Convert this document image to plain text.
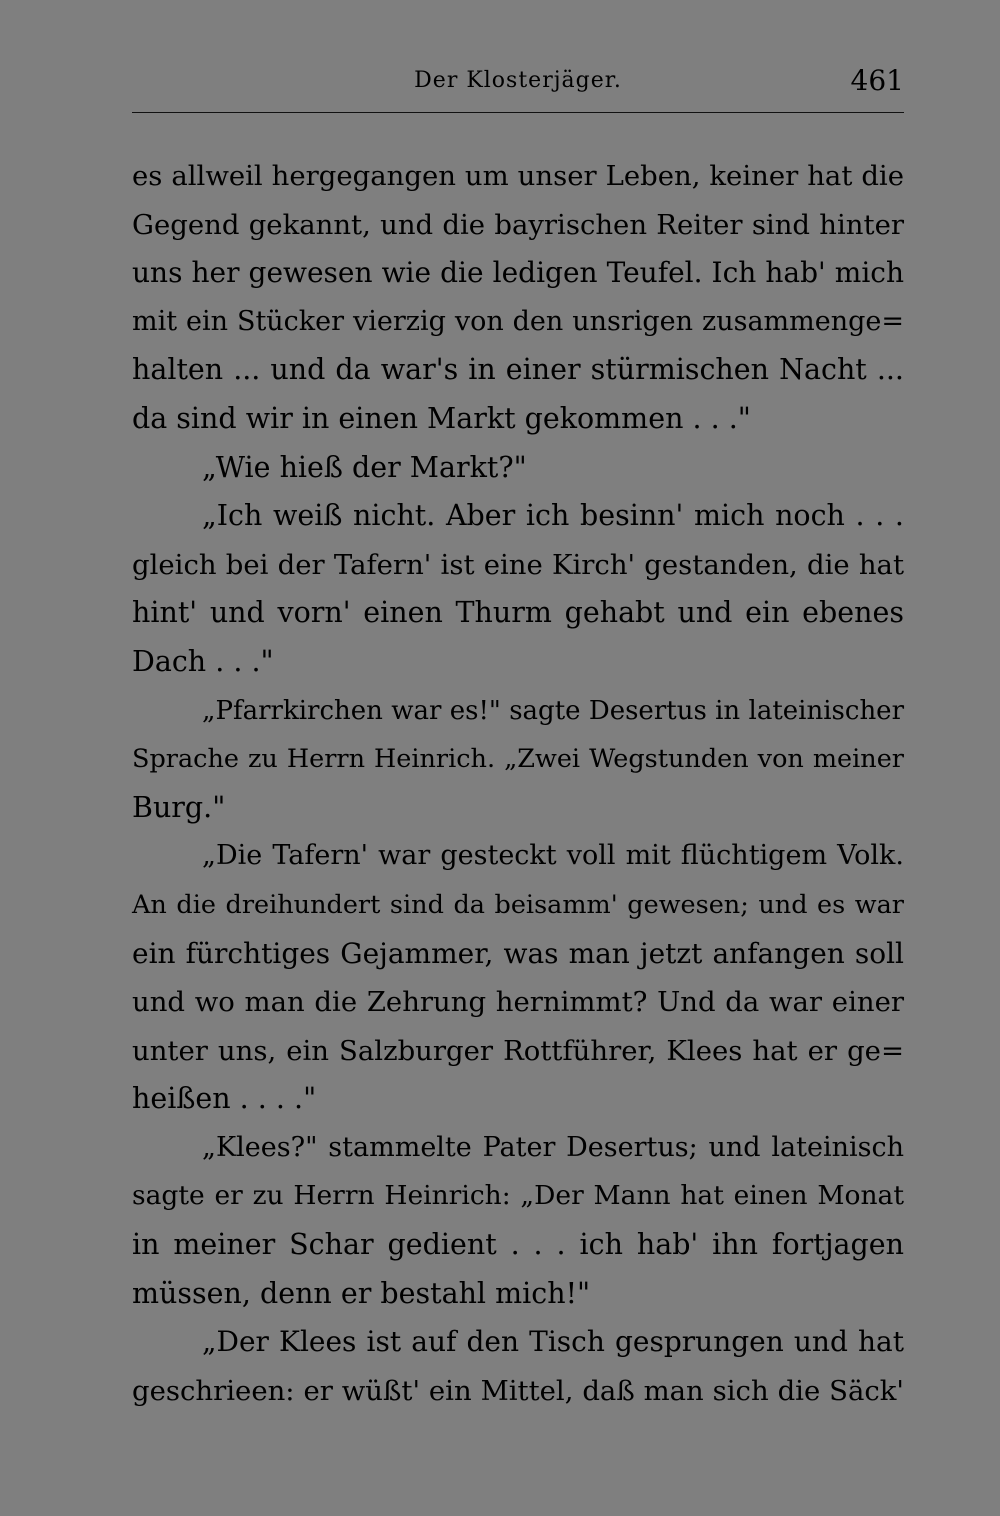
Der Klosterjäger.	461
es allweil hergegangen um unser Leben, keiner hat die
Gegend gekannt, und die bayrischen Reiter sind hinter
uns her gewesen wie die ledigen Teufel. Ich hab' mich
mit ein Stücker vierzig von den unsrigen zusammenge=
halten ... und da war's in einer stürmischen Nacht ...
da sind wir in einen Markt gekommen . . ."
„Wie hieß der Markt?"
„Ich weiß nicht. Aber ich besinn' mich noch . . .
gleich bei der Tafern' ist eine Kirch' gestanden, die hat
hint' und vorn' einen Thurm gehabt und ein ebenes
Dach . . ."
„Pfarrkirchen war es!" sagte Desertus in lateinischer
Sprache zu Herrn Heinrich. „Zwei Wegstunden von meiner
Burg."
„Die Tafern' war gesteckt voll mit flüchtigem Volk.
An die dreihundert sind da beisamm' gewesen; und es war
ein fürchtiges Gejammer, was man jetzt anfangen soll
und wo man die Zehrung hernimmt? Und da war einer
unter uns, ein Salzburger Rottführer, Klees hat er ge=
heißen . . . ."
„Klees?" stammelte Pater Desertus; und lateinisch
sagte er zu Herrn Heinrich: „Der Mann hat einen Monat
in meiner Schar gedient . . . ich hab' ihn fortjagen
müssen, denn er bestahl mich!"
„Der Klees ist auf den Tisch gesprungen und hat
geschrieen: er wüßt' ein Mittel, daß man sich die Säck'
